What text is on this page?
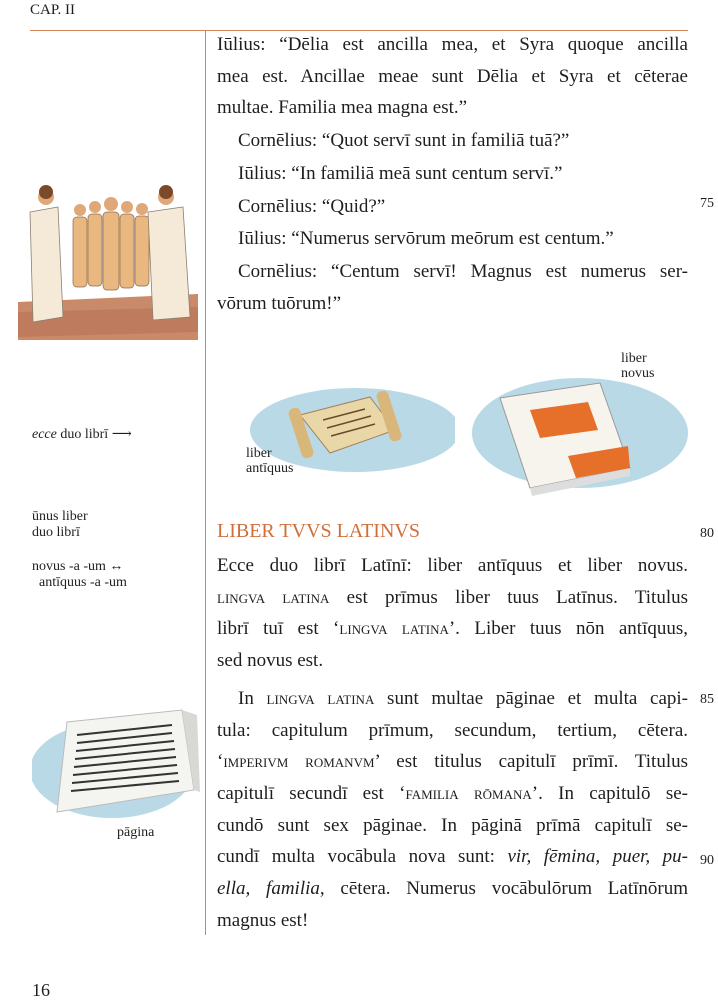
CAP. II
ecce duo librī ⟶
ūnus liber
duo librī
novus -a -um ↔
antīquus -a -um
pāgina
liber
antīquus
liber
novus
Iūlius: “Dēlia est ancilla mea, et Syra quoque ancilla
mea est. Ancillae meae sunt Dēlia et Syra et cēterae
multae. Familia mea magna est.”
Cornēlius: “Quot servī sunt in familiā tuā?”
Iūlius: “In familiā meā sunt centum servī.”
Cornēlius: “Quid?”
Iūlius: “Numerus servōrum meōrum est centum.”
Cornēlius: “Centum servī! Magnus est numerus ser-
vōrum tuōrum!”
LIBER TVVS LATINVS
Ecce duo librī Latīnī: liber antīquus et liber novus.
lingva latina est prīmus liber tuus Latīnus. Titulus
librī tuī est ‘lingva latina’. Liber tuus nōn antīquus,
sed novus est.
In lingva latina sunt multae pāginae et multa capi-
tula: capitulum prīmum, secundum, tertium, cētera.
‘imperivm romanvm’ est titulus capitulī prīmī. Titulus
capitulī secundī est ‘familia rōmana’. In capitulō se-
cundō sunt sex pāginae. In pāginā prīmā capitulī se-
cundī multa vocābula nova sunt: vir, fēmina, puer, pu-
ella, familia, cētera. Numerus vocābulōrum Latīnōrum
magnus est!
75
80
85
90
16
